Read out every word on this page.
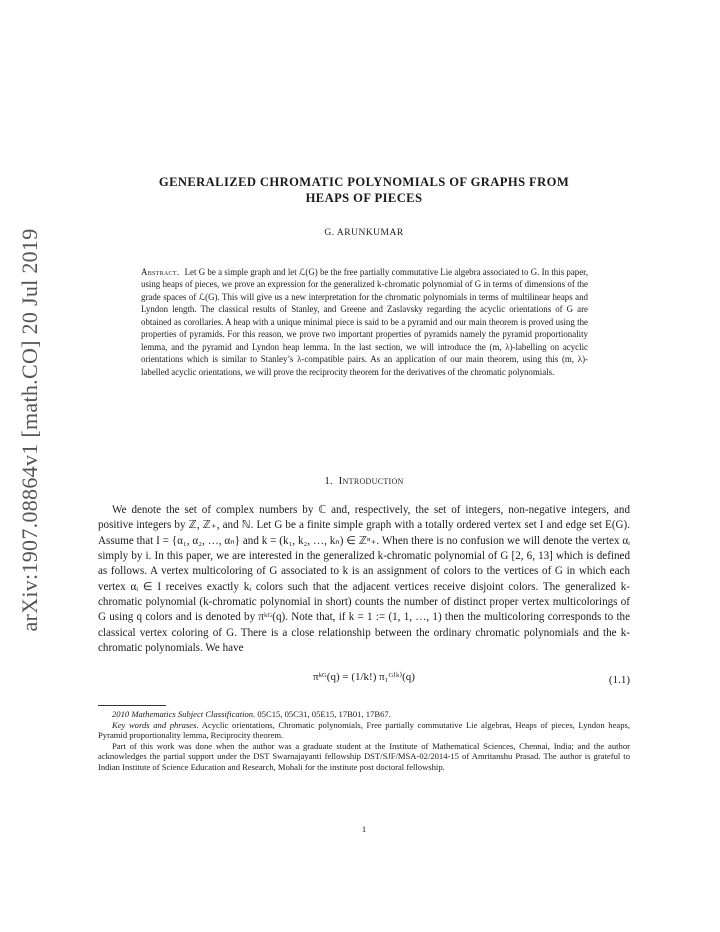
arXiv:1907.08864v1 [math.CO] 20 Jul 2019
GENERALIZED CHROMATIC POLYNOMIALS OF GRAPHS FROM
HEAPS OF PIECES
G. ARUNKUMAR

Abstract. Let G be a simple graph and let ℒ(G) be the free partially commutative Lie algebra associated to G. In this paper, using heaps of pieces, we prove an expression for the generalized k-chromatic polynomial of G in terms of dimensions of the grade spaces of ℒ(G). This will give us a new interpretation for the chromatic polynomials in terms of multilinear heaps and Lyndon length. The classical results of Stanley, and Greene and Zaslavsky regarding the acyclic orientations of G are obtained as corollaries. A heap with a unique minimal piece is said to be a pyramid and our main theorem is proved using the properties of pyramids. For this reason, we prove two important properties of pyramids namely the pyramid proportionality lemma, and the pyramid and Lyndon heap lemma. In the last section, we will introduce the (m, λ)-labelling on acyclic orientations which is similar to Stanley’s λ-compatible pairs. As an application of our main theorem, using this (m, λ)-labelled acyclic orientations, we will prove the reciprocity theorem for the derivatives of the chromatic polynomials.

1. Introduction

We denote the set of complex numbers by ℂ and, respectively, the set of integers, non-negative integers, and positive integers by ℤ, ℤ₊, and ℕ. Let G be a finite simple graph with a totally ordered vertex set I and edge set E(G). Assume that I = {α₁, α₂, …, αₙ} and k = (k₁, k₂, …, kₙ) ∈ ℤⁿ₊. When there is no confusion we will denote the vertex αᵢ simply by i. In this paper, we are interested in the generalized k-chromatic polynomial of G [2, 6, 13] which is defined as follows. A vertex multicoloring of G associated to k is an assignment of colors to the vertices of G in which each vertex αᵢ ∈ I receives exactly kᵢ colors such that the adjacent vertices receive disjoint colors. The generalized k-chromatic polynomial (k-chromatic polynomial in short) counts the number of distinct proper vertex multicolorings of G using q colors and is denoted by πᵏᴳ(q). Note that, if k = 1 := (1, 1, …, 1) then the multicoloring corresponds to the classical vertex coloring of G. There is a close relationship between the ordinary chromatic polynomials and the k-chromatic polynomials. We have

πᵏᴳ(q) = (1/k!) π₁ᴳ⁽ᵏ⁾(q)	(1.1)

2010 Mathematics Subject Classification. 05C15, 05C31, 05E15, 17B01, 17B67.

Key words and phrases. Acyclic orientations, Chromatic polynomials, Free partially commutative Lie algebras, Heaps of pieces, Lyndon heaps, Pyramid proportionality lemma, Reciprocity theorem.

Part of this work was done when the author was a graduate student at the Institute of Mathematical Sciences, Chennai, India; and the author acknowledges the partial support under the DST Swarnajayanti fellowship DST/SJF/MSA-02/2014-15 of Amritanshu Prasad. The author is grateful to Indian Institute of Science Education and Research, Mohali for the institute post doctoral fellowship.

1
